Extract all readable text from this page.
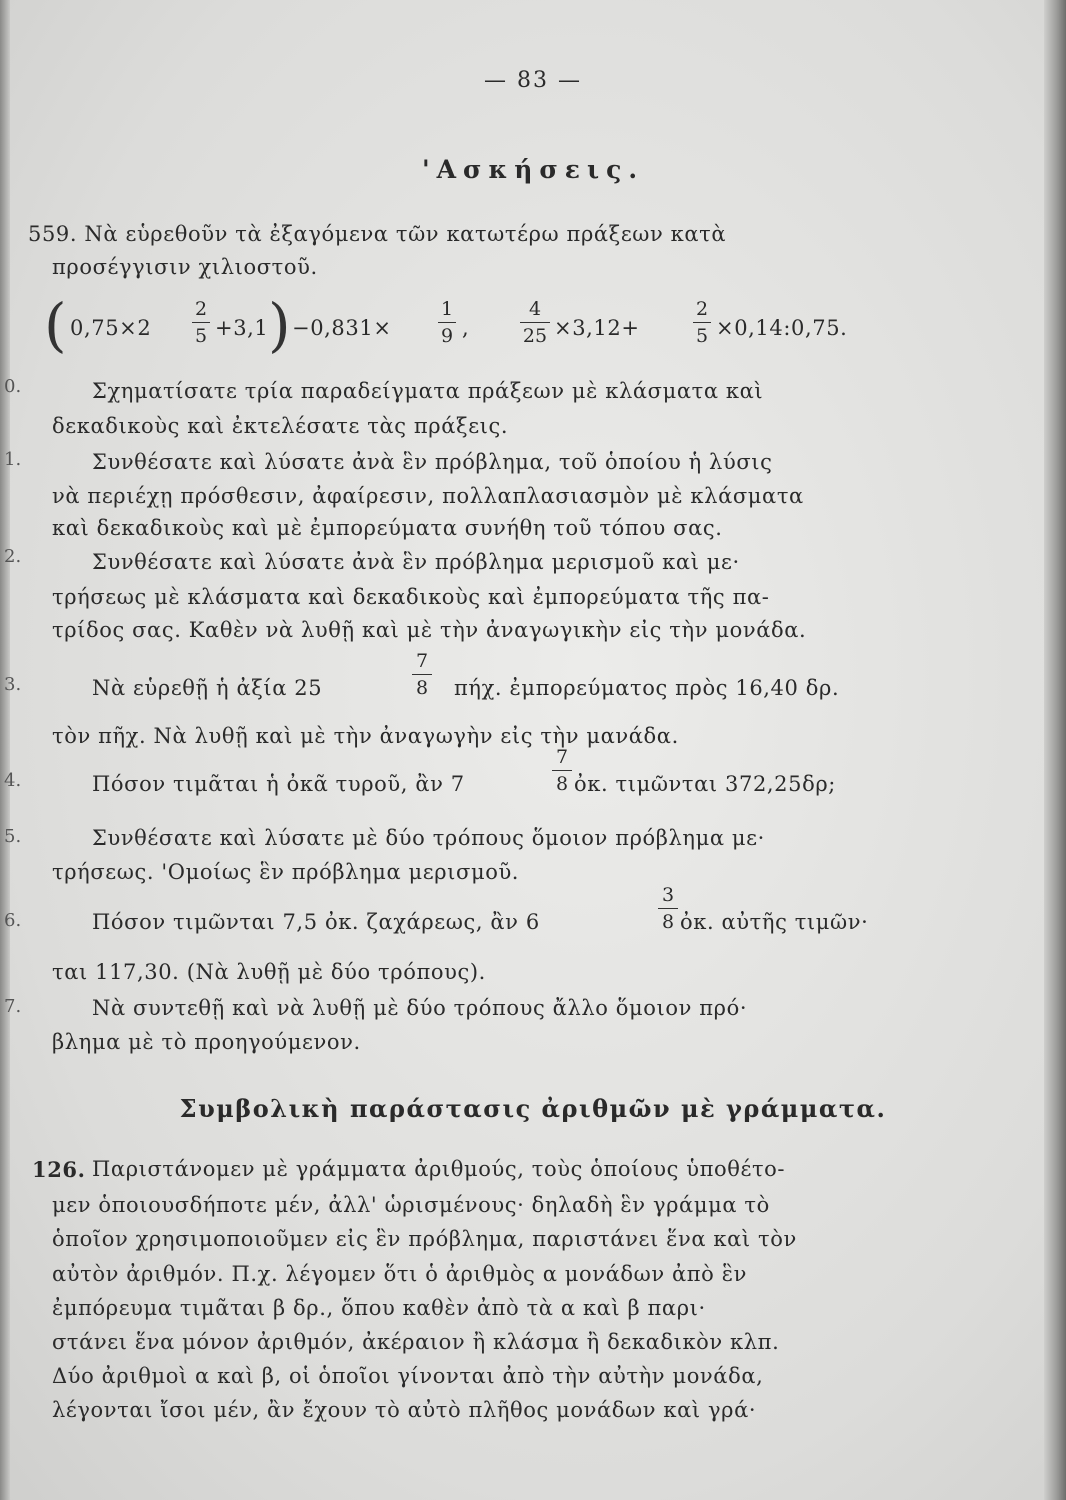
— 83 —
'Ασκήσεις.
559. Νὰ εὑρεθοῦν τὰ ἐξαγόμενα τῶν κατωτέρω πράξεων κατὰ
προσέγγισιν χιλιοστοῦ.
( 0,75×2
2
5 +3,1 ) −0,831×
1
9 ,
4
25 ×3,12+
2
5 ×0,14:0,75.
0.
1.
2.
3.
4.
5.
6.
7.
Σχηματίσατε τρία παραδείγματα πράξεων μὲ κλάσματα καὶ
δεκαδικοὺς καὶ ἐκτελέσατε τὰς πράξεις.
Συνθέσατε καὶ λύσατε ἀνὰ ἓν πρόβλημα, τοῦ ὁποίου ἡ λύσις
νὰ περιέχῃ πρόσθεσιν, ἀφαίρεσιν, πολλαπλασιασμὸν μὲ κλάσματα
καὶ δεκαδικοὺς καὶ μὲ ἐμπορεύματα συνήθη τοῦ τόπου σας.
Συνθέσατε καὶ λύσατε ἀνὰ ἓν πρόβλημα μερισμοῦ καὶ με·
τρήσεως μὲ κλάσματα καὶ δεκαδικοὺς καὶ ἐμπορεύματα τῆς πα-
τρίδος σας. Καθὲν νὰ λυθῇ καὶ μὲ τὴν ἀναγωγικὴν εἰς τὴν μονάδα.
Νὰ εὑρεθῇ ἡ ἀξία 25
7
8 πήχ. ἐμπορεύματος πρὸς 16,40 δρ.
τὸν πῆχ. Νὰ λυθῇ καὶ μὲ τὴν ἀναγωγὴν εἰς τὴν μανάδα.
Πόσον τιμᾶται ἡ ὀκᾶ τυροῦ, ἂν 7
7
8 ὀκ. τιμῶνται 372,25δρ;
Συνθέσατε καὶ λύσατε μὲ δύο τρόπους ὅμοιον πρόβλημα με·
τρήσεως. 'Ομοίως ἓν πρόβλημα μερισμοῦ.
Πόσον τιμῶνται 7,5 ὀκ. ζαχάρεως, ἂν 6
3
8 ὀκ. αὐτῆς τιμῶν·
ται 117,30. (Νὰ λυθῇ μὲ δύο τρόπους).
Νὰ συντεθῇ καὶ νὰ λυθῇ μὲ δύο τρόπους ἄλλο ὅμοιον πρό·
βλημα μὲ τὸ προηγούμενον.
Συμβολικὴ παράστασις ἀριθμῶν μὲ γράμματα.
126. Παριστάνομεν μὲ γράμματα ἀριθμούς, τοὺς ὁποίους ὑποθέτο-
μεν ὁποιουσδήποτε μέν, ἀλλ' ὡρισμένους· δηλαδὴ ἓν γράμμα τὸ
ὁποῖον χρησιμοποιοῦμεν εἰς ἓν πρόβλημα, παριστάνει ἕνα καὶ τὸν
αὐτὸν ἀριθμόν. Π.χ. λέγομεν ὅτι ὁ ἀριθμὸς α μονάδων ἀπὸ ἓν
ἐμπόρευμα τιμᾶται β δρ., ὅπου καθὲν ἀπὸ τὰ α καὶ β παρι·
στάνει ἕνα μόνον ἀριθμόν, ἀκέραιον ἢ κλάσμα ἢ δεκαδικὸν κλπ.
Δύο ἀριθμοὶ α καὶ β, οἱ ὁποῖοι γίνονται ἀπὸ τὴν αὐτὴν μονάδα,
λέγονται ἴσοι μέν, ἂν ἔχουν τὸ αὐτὸ πλῆθος μονάδων καὶ γρά·
